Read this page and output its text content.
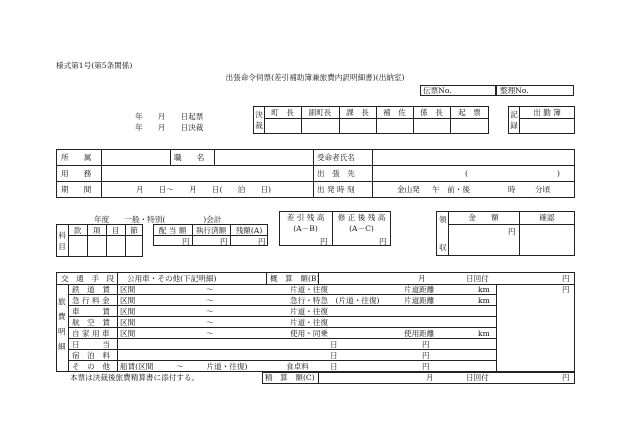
様式第1号(第5条関係)
出張命令伺票(差引補助簿兼旅費内訳明細書)(出納室)
伝票No.	整理No.
年　　月　　日起票
年　　月　　日決裁
決裁
町　長	副町長	課　長	補　佐	係　長	起　票	記録
出 勤 簿
所　　属	職　　名	受命者氏名
用　　務	出　張　先	(	)
期　　間	月　　日～　　月　　日(　　泊　　日)	出 発 時 刻	金山発 午　前・後	時	分頃
年度　　一般・特別(　　　　　)会計
科目
款	項	目	節	配 当 額	執行済額	残額(A)
円	円	円
差 引 残 高
(A－B)
修 正 後 残 高
(A－C)
円	円
領
収
金　　額	確認
円
交　通　手　段 公用車・その他(下記明細)	概　算　額(B)	月	日回付	円
旅
費
明
細
鉄　道　賃 区間	～	片道・往復	片道距離	km	円
急 行 料 金 区間	～	急行・特急　(片道・往復)	片道距離	km
車　　　賃 区間	～	片道・往復
航　空　賃 区間	～	片道・往復
自 家 用 車 区間	～	使用・同乗	使用距離	km
日　　　当	日	円
宿　泊　料	日	円
そ　の　他 船賃(区間　　　～　　　片道・往復)	食卓料	日	円
精　算　額(C)	月	日回付	円
本票は決裁後旅費精算書に添付する。
